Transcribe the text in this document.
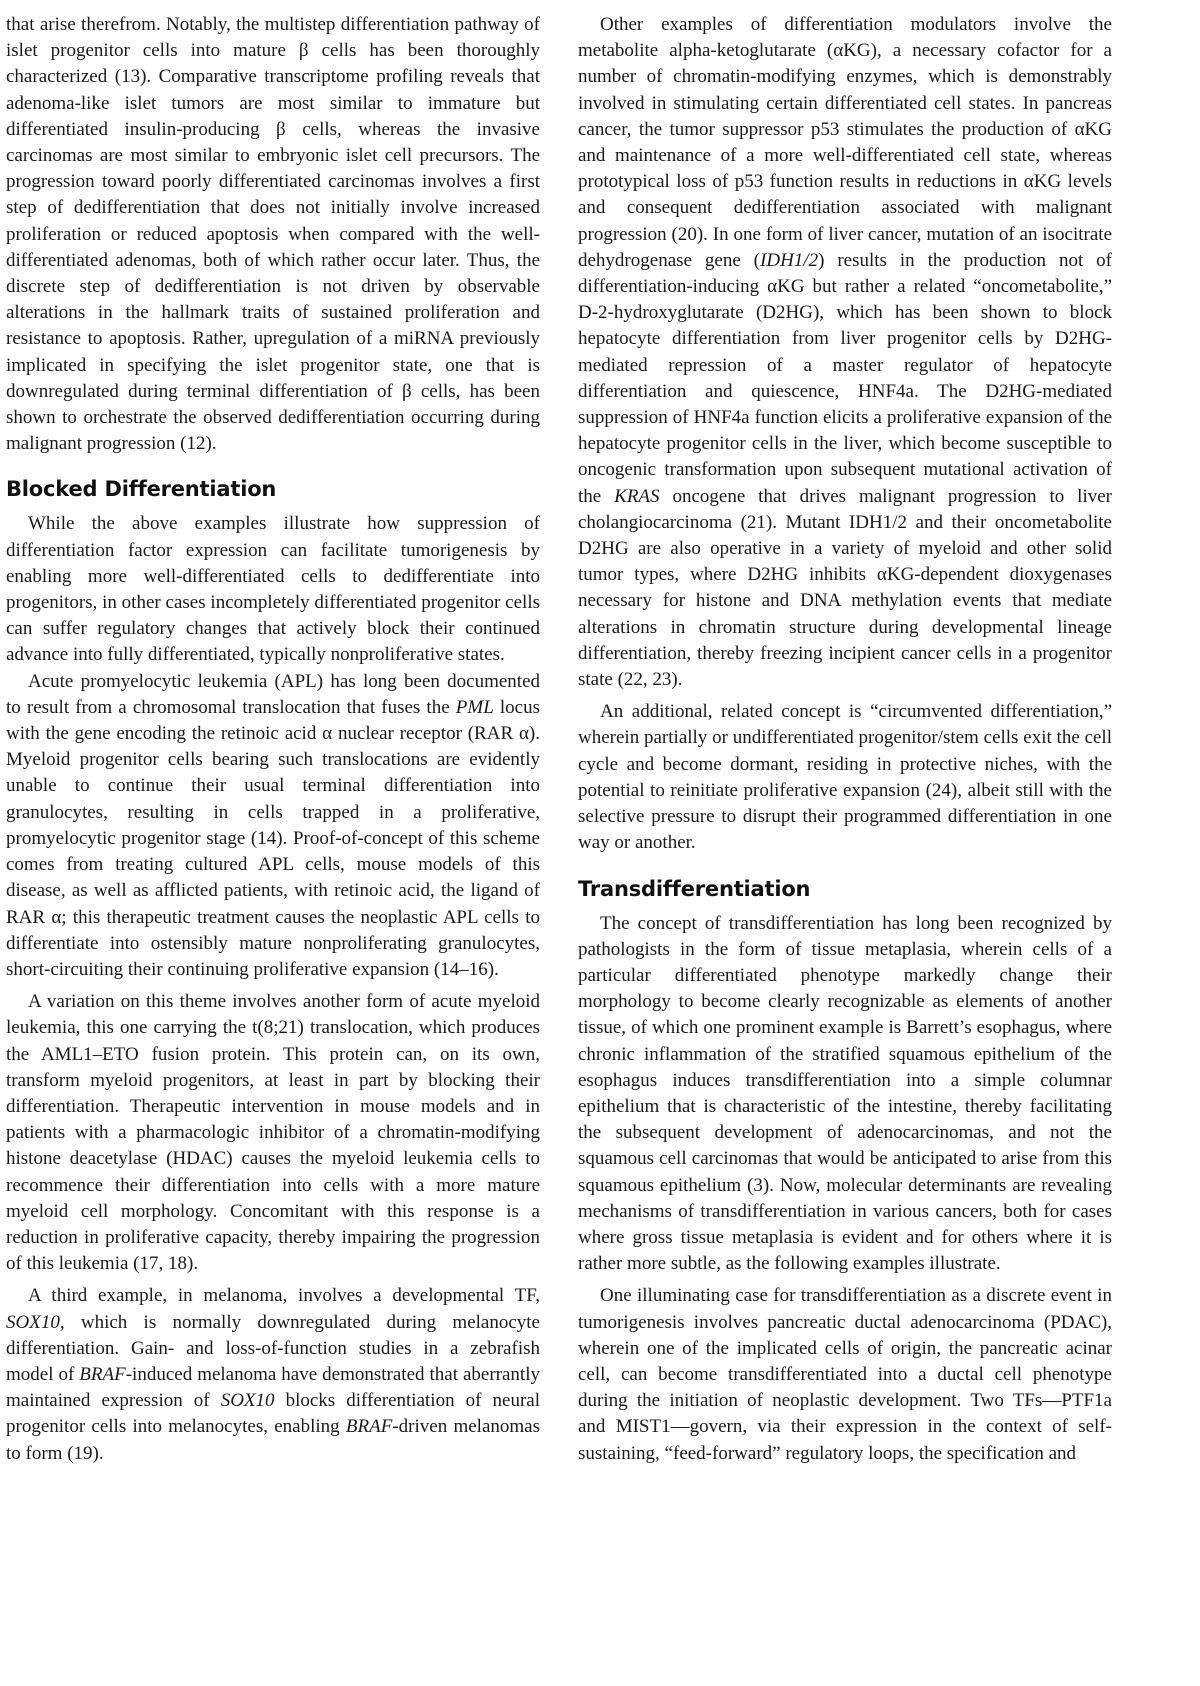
that arise therefrom. Notably, the multistep differentiation pathway of islet progenitor cells into mature β cells has been thoroughly characterized (13). Comparative transcriptome profiling reveals that adenoma-like islet tumors are most similar to immature but differentiated insulin-producing β cells, whereas the invasive carcinomas are most similar to embryonic islet cell precursors. The progression toward poorly differentiated carcinomas involves a first step of dedifferentiation that does not initially involve increased proliferation or reduced apoptosis when compared with the well-differentiated adenomas, both of which rather occur later. Thus, the discrete step of dedifferentiation is not driven by observable alterations in the hallmark traits of sustained proliferation and resistance to apoptosis. Rather, upregulation of a miRNA previously implicated in specifying the islet progenitor state, one that is downregulated during terminal differentiation of β cells, has been shown to orchestrate the observed dedifferentiation occurring during malignant progression (12).

Blocked Differentiation

While the above examples illustrate how suppression of differentiation factor expression can facilitate tumorigenesis by enabling more well-differentiated cells to dedifferentiate into progenitors, in other cases incompletely differentiated progenitor cells can suffer regulatory changes that actively block their continued advance into fully differentiated, typically nonproliferative states.

Acute promyelocytic leukemia (APL) has long been documented to result from a chromosomal translocation that fuses the PML locus with the gene encoding the retinoic acid α nuclear receptor (RAR α). Myeloid progenitor cells bearing such translocations are evidently unable to continue their usual terminal differentiation into granulocytes, resulting in cells trapped in a proliferative, promyelocytic progenitor stage (14). Proof-of-concept of this scheme comes from treating cultured APL cells, mouse models of this disease, as well as afflicted patients, with retinoic acid, the ligand of RAR α; this therapeutic treatment causes the neoplastic APL cells to differentiate into ostensibly mature nonproliferating granulocytes, short-circuiting their continuing proliferative expansion (14–16).

A variation on this theme involves another form of acute myeloid leukemia, this one carrying the t(8;21) translocation, which produces the AML1–ETO fusion protein. This protein can, on its own, transform myeloid progenitors, at least in part by blocking their differentiation. Therapeutic intervention in mouse models and in patients with a pharmacologic inhibitor of a chromatin-modifying histone deacetylase (HDAC) causes the myeloid leukemia cells to recommence their differentiation into cells with a more mature myeloid cell morphology. Concomitant with this response is a reduction in proliferative capacity, thereby impairing the progression of this leukemia (17, 18).

A third example, in melanoma, involves a developmental TF, SOX10, which is normally downregulated during melanocyte differentiation. Gain- and loss-of-function studies in a zebrafish model of BRAF-induced melanoma have demonstrated that aberrantly maintained expression of SOX10 blocks differentiation of neural progenitor cells into melanocytes, enabling BRAF-driven melanomas to form (19).

Other examples of differentiation modulators involve the metabolite alpha-ketoglutarate (αKG), a necessary cofactor for a number of chromatin-modifying enzymes, which is demonstrably involved in stimulating certain differentiated cell states. In pancreas cancer, the tumor suppressor p53 stimulates the production of αKG and maintenance of a more well-differentiated cell state, whereas prototypical loss of p53 function results in reductions in αKG levels and consequent dedifferentiation associated with malignant progression (20). In one form of liver cancer, mutation of an isocitrate dehydrogenase gene (IDH1/2) results in the production not of differentiation-inducing αKG but rather a related “oncometabolite,” D-2-hydroxyglutarate (D2HG), which has been shown to block hepatocyte differentiation from liver progenitor cells by D2HG-mediated repression of a master regulator of hepatocyte differentiation and quiescence, HNF4a. The D2HG-mediated suppression of HNF4a function elicits a proliferative expansion of the hepatocyte progenitor cells in the liver, which become susceptible to oncogenic transformation upon subsequent mutational activation of the KRAS oncogene that drives malignant progression to liver cholangiocarcinoma (21). Mutant IDH1/2 and their oncometabolite D2HG are also operative in a variety of myeloid and other solid tumor types, where D2HG inhibits αKG-dependent dioxygenases necessary for histone and DNA methylation events that mediate alterations in chromatin structure during developmental lineage differentiation, thereby freezing incipient cancer cells in a progenitor state (22, 23).

An additional, related concept is “circumvented differentiation,” wherein partially or undifferentiated progenitor/stem cells exit the cell cycle and become dormant, residing in protective niches, with the potential to reinitiate proliferative expansion (24), albeit still with the selective pressure to disrupt their programmed differentiation in one way or another.

Transdifferentiation

The concept of transdifferentiation has long been recognized by pathologists in the form of tissue metaplasia, wherein cells of a particular differentiated phenotype markedly change their morphology to become clearly recognizable as elements of another tissue, of which one prominent example is Barrett’s esophagus, where chronic inflammation of the stratified squamous epithelium of the esophagus induces transdifferentiation into a simple columnar epithelium that is characteristic of the intestine, thereby facilitating the subsequent development of adenocarcinomas, and not the squamous cell carcinomas that would be anticipated to arise from this squamous epithelium (3). Now, molecular determinants are revealing mechanisms of transdifferentiation in various cancers, both for cases where gross tissue metaplasia is evident and for others where it is rather more subtle, as the following examples illustrate.

One illuminating case for transdifferentiation as a discrete event in tumorigenesis involves pancreatic ductal adenocarcinoma (PDAC), wherein one of the implicated cells of origin, the pancreatic acinar cell, can become transdifferentiated into a ductal cell phenotype during the initiation of neoplastic development. Two TFs—PTF1a and MIST1—govern, via their expression in the context of self-sustaining, “feed-forward” regulatory loops, the specification and
